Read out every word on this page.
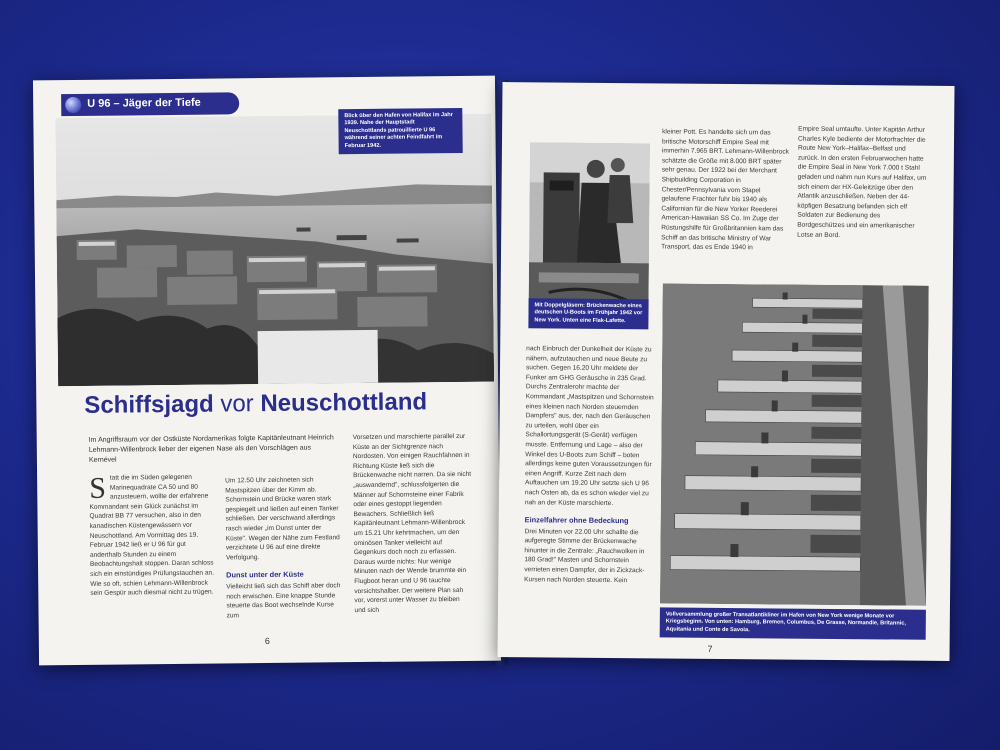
U 96 – Jäger der Tiefe
Blick über den Hafen von Halifax im Jahr 1939. Nahe der Hauptstadt Neuschottlands patrouillierte U 96 während seiner achten Feindfahrt im Februar 1942.
Schiffsjagd vor Neuschottland
Im Angriffsraum vor der Ostküste Nordamerikas folgte Kapitänleutnant Heinrich Lehmann-Willenbrock lieber der eigenen Nase als den Vorschlägen aus Kernével
S tatt die im Süden gelegenen Marinequadrate CA 50 und 80 anzusteuern, wollte der erfahrene Kommandant sein Glück zunächst im Quadrat BB 77 versuchen, also in den kanadischen Küstengewässern vor Neuschottland. Am Vormittag des 19. Februar 1942 ließ er U 96 für gut anderthalb Stunden zu einem Beobachtungshalt stoppen. Daran schloss sich ein einstündiges Prüfungstauchen an. Wie so oft, schien Lehmann-Willenbrock sein Gespür auch diesmal nicht zu trügen.

Um 12.50 Uhr zeichneten sich Mastspitzen über der Kimm ab. Schornstein und Brücke waren stark gespiegelt und ließen auf einen Tanker schließen. Der verschwand allerdings rasch wieder „im Dunst unter der Küste". Wegen der Nähe zum Festland verzichtete U 96 auf eine direkte Verfolgung.

Dunst unter der Küste

Vielleicht ließ sich das Schiff aber doch noch erwischen. Eine knappe Stunde steuerte das Boot wechselnde Kurse zum

Vorsetzen und marschierte parallel zur Küste an der Sichtgrenze nach Nordosten. Von einigen Rauchfahnen in Richtung Küste ließ sich die Brückenwache nicht narren. Da sie nicht „auswandernd", schlussfolgerten die Männer auf Schornsteine einer Fabrik oder eines gestoppt liegenden Bewachers. Schließlich ließ Kapitänleutnant Lehmann-Willenbrock um 15.21 Uhr kehrtmachen, um den ominösen Tanker vielleicht auf Gegenkurs doch noch zu erfassen. Daraus wurde nichts: Nur wenige Minuten nach der Wende brummte ein Flugboot heran und U 96 tauchte vorsichtshalber. Der weitere Plan sah vor, vorerst unter Wasser zu bleiben und sich
6
Mit Doppelgläsern: Brückenwache eines deutschen U-Boots im Frühjahr 1942 vor New York. Unten eine Flak-Lafette.
kleiner Pott. Es handelte sich um das britische Motorschiff Empire Seal mit immerhin 7.965 BRT. Lehmann-Willenbrock schätzte die Größe mit 8.000 BRT später sehr genau. Der 1922 bei der Merchant Shipbuilding Corporation in Chester/Pennsylvania vom Stapel gelaufene Frachter fuhr bis 1940 als Californian für die New Yorker Reederei American-Hawaiian SS Co. Im Zuge der Rüstungshilfe für Großbritannien kam das Schiff an das britische Ministry of War Transport, das es Ende 1940 in
Empire Seal umtaufte. Unter Kapitän Arthur Charles Kyle bediente der Motorfrachter die Route New York–Halifax–Belfast und zurück. In den ersten Februarwochen hatte die Empire Seal in New York 7.000 t Stahl geladen und nahm nun Kurs auf Halifax, um sich einem der HX-Geleitzüge über den Atlantik anzuschließen. Neben der 44-köpfigen Besatzung befanden sich elf Soldaten zur Bedienung des Bordgeschützes und ein amerikanischer Lotse an Bord.

nach Einbruch der Dunkelheit der Küste zu nähern, aufzutauchen und neue Beute zu suchen. Gegen 16.20 Uhr meldete der Funker am GHG Geräusche in 235 Grad. Durchs Zentralerohr machte der Kommandant „Mastspitzen und Schornstein eines kleinen nach Norden steuernden Dampfers" aus, der, nach den Geräuschen zu urteilen, wohl über ein Schallortungsgerät (S-Gerät) verfügen musste. Entfernung und Lage – also der Winkel des U-Boots zum Schiff – boten allerdings keine guten Voraussetzungen für einen Angriff. Kurze Zeit nach dem Auftauchen um 19.20 Uhr setzte sich U 96 nach Osten ab, da es schon wieder viel zu nah an der Küste marschierte.

Einzelfahrer ohne Bedeckung

Drei Minuten vor 22.00 Uhr schallte die aufgeregte Stimme der Brückenwache hinunter in die Zentrale: „Rauchwolken in 180 Grad!" Masten und Schornstein verrieten einen Dampfer, der in Zickzack-Kursen nach Norden steuerte. Kein

Vollversammlung großer Transatlantikliner im Hafen von New York wenige Monate vor Kriegsbeginn. Von unten: Hamburg, Bremen, Columbus, De Grasse, Normandie, Britannic, Aquitania und Conte de Savoia.
7
